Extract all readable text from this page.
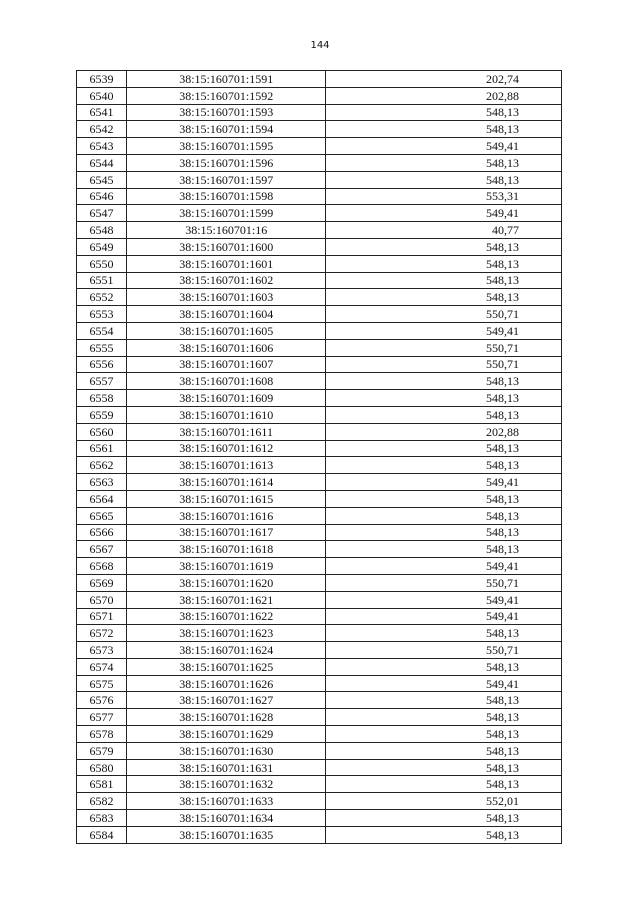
144
6539	38:15:160701:1591	202,74
6540	38:15:160701:1592	202,88
6541	38:15:160701:1593	548,13
6542	38:15:160701:1594	548,13
6543	38:15:160701:1595	549,41
6544	38:15:160701:1596	548,13
6545	38:15:160701:1597	548,13
6546	38:15:160701:1598	553,31
6547	38:15:160701:1599	549,41
6548	38:15:160701:16	40,77
6549	38:15:160701:1600	548,13
6550	38:15:160701:1601	548,13
6551	38:15:160701:1602	548,13
6552	38:15:160701:1603	548,13
6553	38:15:160701:1604	550,71
6554	38:15:160701:1605	549,41
6555	38:15:160701:1606	550,71
6556	38:15:160701:1607	550,71
6557	38:15:160701:1608	548,13
6558	38:15:160701:1609	548,13
6559	38:15:160701:1610	548,13
6560	38:15:160701:1611	202,88
6561	38:15:160701:1612	548,13
6562	38:15:160701:1613	548,13
6563	38:15:160701:1614	549,41
6564	38:15:160701:1615	548,13
6565	38:15:160701:1616	548,13
6566	38:15:160701:1617	548,13
6567	38:15:160701:1618	548,13
6568	38:15:160701:1619	549,41
6569	38:15:160701:1620	550,71
6570	38:15:160701:1621	549,41
6571	38:15:160701:1622	549,41
6572	38:15:160701:1623	548,13
6573	38:15:160701:1624	550,71
6574	38:15:160701:1625	548,13
6575	38:15:160701:1626	549,41
6576	38:15:160701:1627	548,13
6577	38:15:160701:1628	548,13
6578	38:15:160701:1629	548,13
6579	38:15:160701:1630	548,13
6580	38:15:160701:1631	548,13
6581	38:15:160701:1632	548,13
6582	38:15:160701:1633	552,01
6583	38:15:160701:1634	548,13
6584	38:15:160701:1635	548,13
